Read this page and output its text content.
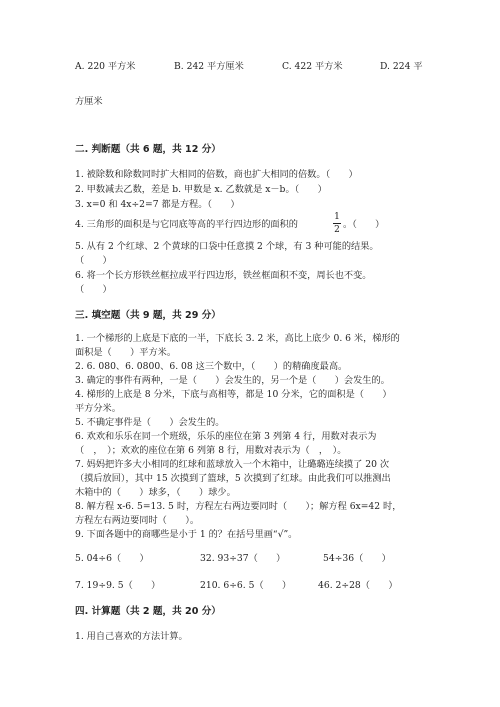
A. 220 平方米	B. 242 平方厘米	C. 422 平方米	D. 224 平
方厘米
二. 判断题（共 6 题，共 12 分）
1. 被除数和除数同时扩大相同的倍数，商也扩大相同的倍数。（　　）
2. 甲数减去乙数，差是 b. 甲数是 x. 乙数就是 x－b。（　　）
3. x=0 和 4x÷2=7 都是方程。（　　）
4. 三角形的面积是与它同底等高的平行四边形的面积的
1
2 。（　　）
5. 从有 2 个红球、2 个黄球的口袋中任意摸 2 个球，有 3 种可能的结果。
（　　）
6. 将一个长方形铁丝框拉成平行四边形，铁丝框面积不变，周长也不变。
（　　）
三. 填空题（共 9 题，共 29 分）
1. 一个梯形的上底是下底的一半，下底长 3. 2 米，高比上底少 0. 6 米，梯形的
面积是（　　）平方米。
2. 6. 080、6. 0800、6. 08 这三个数中，（　　）的精确度最高。
3. 确定的事件有两种，一是（　　）会发生的，另一个是（　　）会发生的。
4. 梯形的上底是 8 分米，下底与高相等，都是 10 分米，它的面积是（　　）
平方分米。
5. 不确定事件是（　　）会发生的。
6. 欢欢和乐乐在同一个班级，乐乐的座位在第 3 列第 4 行，用数对表示为
（　，　）；欢欢的座位在第 6 列第 8 行，用数对表示为（　，　）。
7. 妈妈把许多大小相同的红球和蓝球放入一个木箱中，让璐璐连续摸了 20 次
（摸后放回），其中 15 次摸到了篮球，5 次摸到了红球。由此我们可以推测出
木箱中的（　　）球多，（　　）球少。
8. 解方程 x-6. 5=13. 5 时，方程左右两边要同时（　　）；解方程 6x=42 时，
方程左右两边要同时（　　）。
9. 下面各题中的商哪些是小于 1 的？在括号里画“√”。
5. 04÷6（　　）	32. 93÷37（　　）	54÷36（　　）
7. 19÷9. 5（　　）	210. 6÷6. 5（　　）	46. 2÷28（　　）
四. 计算题（共 2 题，共 20 分）
1. 用自己喜欢的方法计算。
